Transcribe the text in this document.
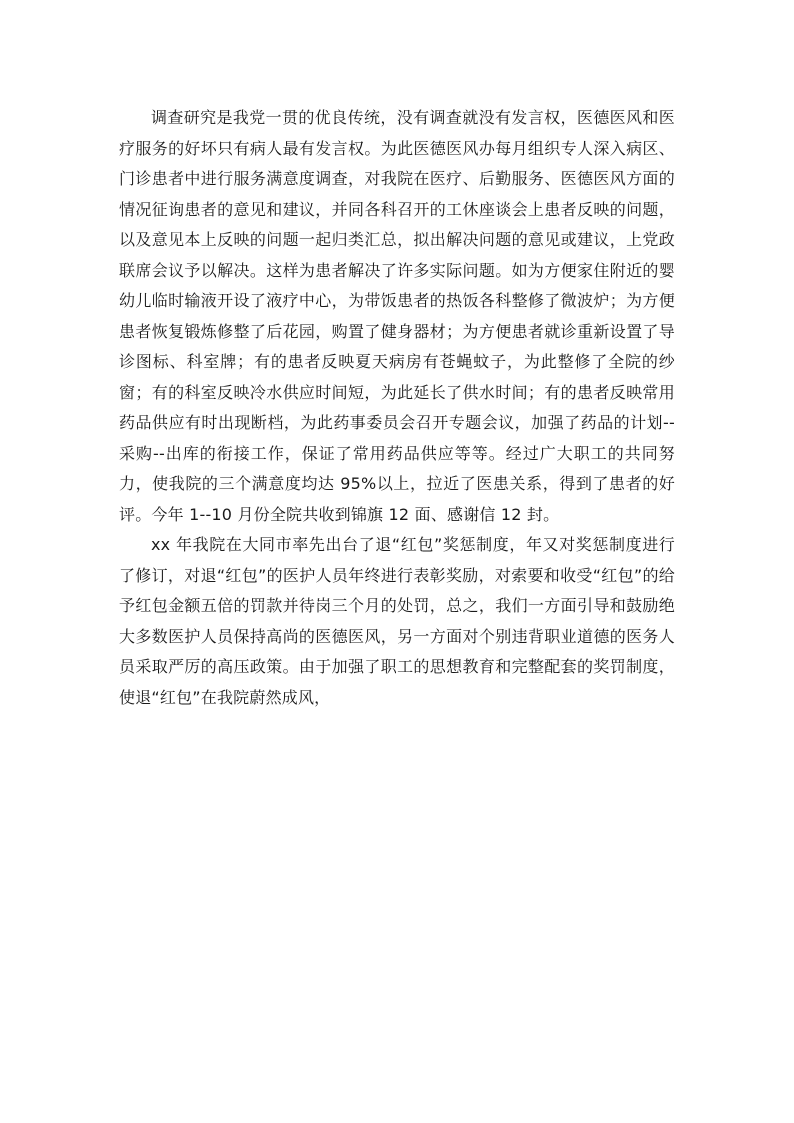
调查研究是我党一贯的优良传统，没有调查就没有发言权，医德医风和医疗服务的好坏只有病人最有发言权。为此医德医风办每月组织专人深入病区、门诊患者中进行服务满意度调查，对我院在医疗、后勤服务、医德医风方面的情况征询患者的意见和建议，并同各科召开的工休座谈会上患者反映的问题，以及意见本上反映的问题一起归类汇总，拟出解决问题的意见或建议，上党政联席会议予以解决。这样为患者解决了许多实际问题。如为方便家住附近的婴幼儿临时输液开设了液疗中心，为带饭患者的热饭各科整修了微波炉；为方便患者恢复锻炼修整了后花园，购置了健身器材；为方便患者就诊重新设置了导诊图标、科室牌；有的患者反映夏天病房有苍蝇蚊子，为此整修了全院的纱窗；有的科室反映冷水供应时间短，为此延长了供水时间；有的患者反映常用药品供应有时出现断档，为此药事委员会召开专题会议，加强了药品的计划--采购--出库的衔接工作，保证了常用药品供应等等。经过广大职工的共同努力，使我院的三个满意度均达 95%以上，拉近了医患关系，得到了患者的好评。今年 1--10 月份全院共收到锦旗 12 面、感谢信 12 封。

xx 年我院在大同市率先出台了退“红包”奖惩制度，年又对奖惩制度进行了修订，对退“红包”的医护人员年终进行表彰奖励，对索要和收受“红包”的给予红包金额五倍的罚款并待岗三个月的处罚，总之，我们一方面引导和鼓励绝大多数医护人员保持高尚的医德医风，另一方面对个别违背职业道德的医务人员采取严厉的高压政策。由于加强了职工的思想教育和完整配套的奖罚制度，使退“红包”在我院蔚然成风，
